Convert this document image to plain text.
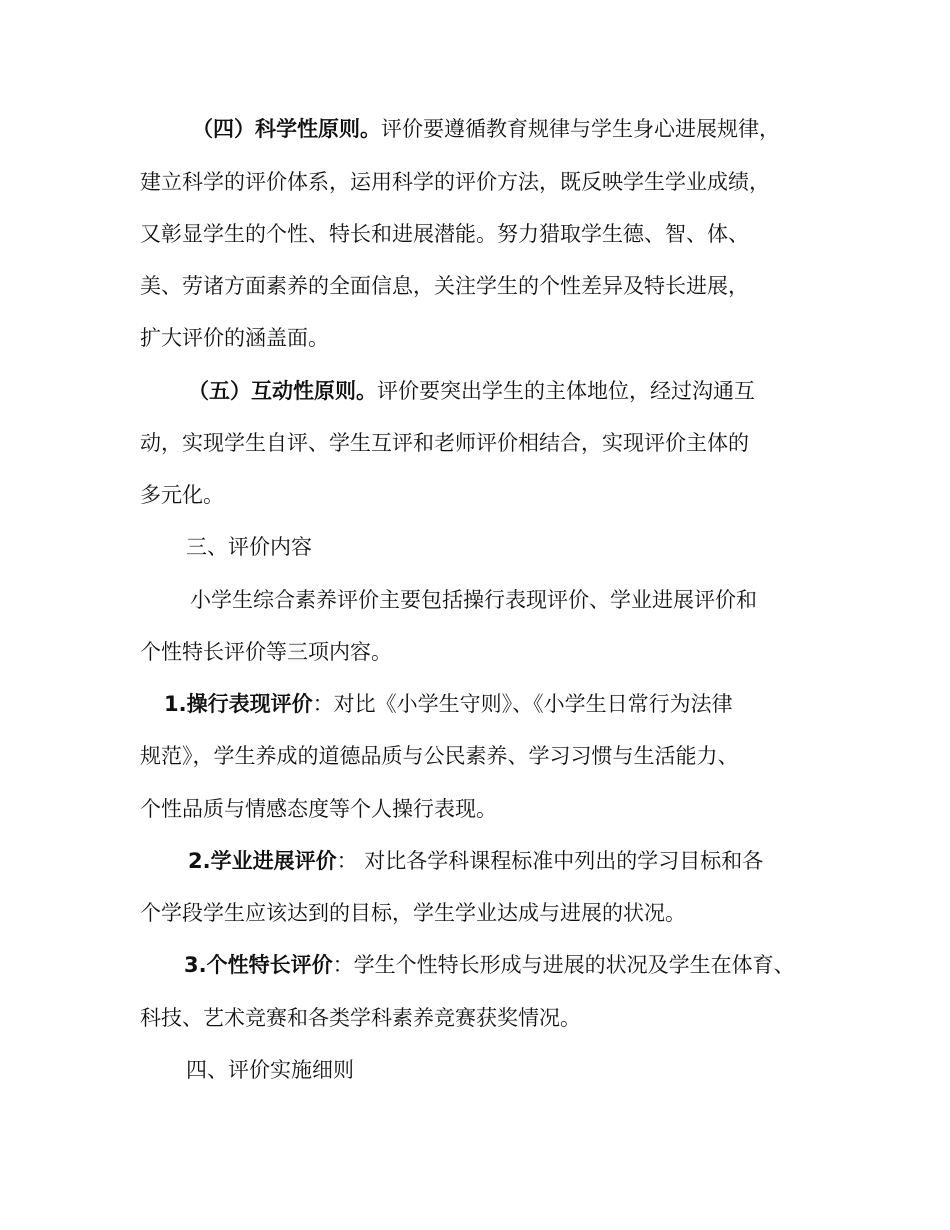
（四）科学性原则。评价要遵循教育规律与学生身心进展规律，
建立科学的评价体系，运用科学的评价方法，既反映学生学业成绩，
又彰显学生的个性、特长和进展潜能。努力猎取学生德、智、体、
美、劳诸方面素养的全面信息，关注学生的个性差异及特长进展，
扩大评价的涵盖面。
（五）互动性原则。评价要突出学生的主体地位，经过沟通互
动，实现学生自评、学生互评和老师评价相结合，实现评价主体的
多元化。
三、评价内容
小学生综合素养评价主要包括操行表现评价、学业进展评价和
个性特长评价等三项内容。
1.操行表现评价：对比《小学生守则》、《小学生日常行为法律
规范》，学生养成的道德品质与公民素养、学习习惯与生活能力、
个性品质与情感态度等个人操行表现。
2.学业进展评价： 对比各学科课程标准中列出的学习目标和各
个学段学生应该达到的目标，学生学业达成与进展的状况。
3.个性特长评价：学生个性特长形成与进展的状况及学生在体育、
科技、艺术竞赛和各类学科素养竞赛获奖情况。
四、评价实施细则
